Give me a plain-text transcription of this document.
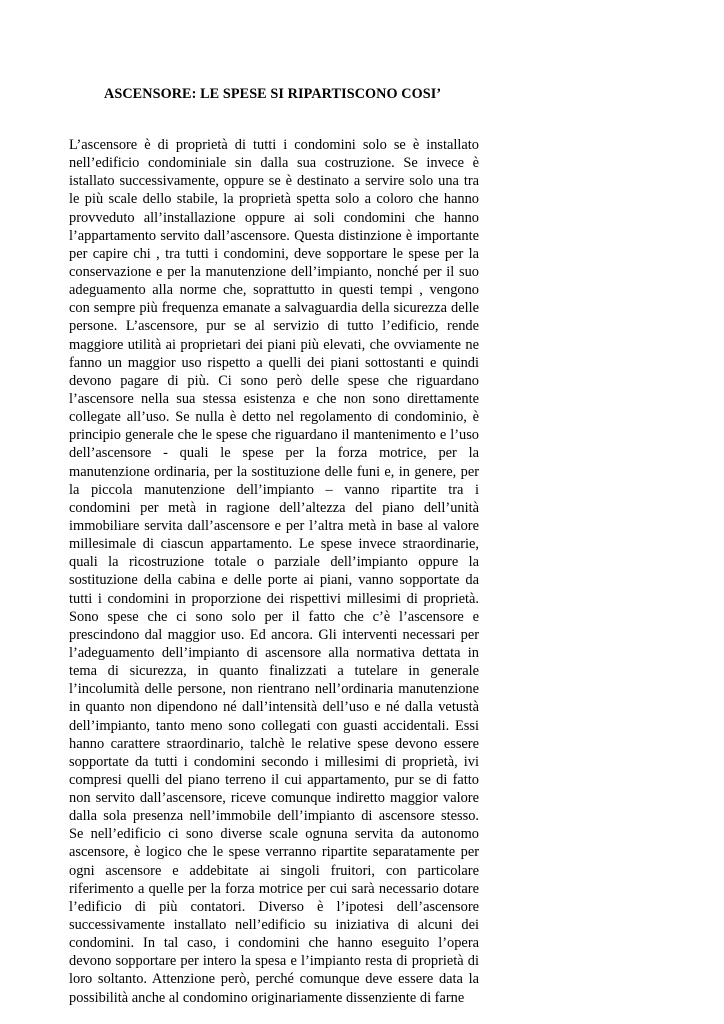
ASCENSORE: LE SPESE SI RIPARTISCONO COSI’
L’ascensore è di proprietà di tutti i condomini solo se è installato
nell’edificio condominiale sin dalla sua costruzione. Se invece è
istallato successivamente, oppure se è destinato a servire solo una tra
le più scale dello stabile, la proprietà spetta solo a coloro che hanno
provveduto all’installazione oppure ai soli condomini che hanno
l’appartamento servito dall’ascensore. Questa distinzione è importante
per capire chi , tra tutti i condomini, deve sopportare le spese per la
conservazione e per la manutenzione dell’impianto, nonché per il suo
adeguamento alla norme che, soprattutto in questi tempi , vengono
con sempre più frequenza emanate a salvaguardia della sicurezza delle
persone. L’ascensore, pur se al servizio di tutto l’edificio, rende
maggiore utilità ai proprietari dei piani più elevati, che ovviamente ne
fanno un maggior uso rispetto a quelli dei piani sottostanti e quindi
devono pagare di più. Ci sono però delle spese che riguardano
l’ascensore nella sua stessa esistenza e che non sono direttamente
collegate all’uso. Se nulla è detto nel regolamento di condominio, è
principio generale che le spese che riguardano il mantenimento e l’uso
dell’ascensore - quali le spese per la forza motrice, per la
manutenzione ordinaria, per la sostituzione delle funi e, in genere, per
la piccola manutenzione dell’impianto – vanno ripartite tra i
condomini per metà in ragione dell’altezza del piano dell’unità
immobiliare servita dall’ascensore e per l’altra metà in base al valore
millesimale di ciascun appartamento. Le spese invece straordinarie,
quali la ricostruzione totale o parziale dell’impianto oppure la
sostituzione della cabina e delle porte ai piani, vanno sopportate da
tutti i condomini in proporzione dei rispettivi millesimi di proprietà.
Sono spese che ci sono solo per il fatto che c’è l’ascensore e
prescindono dal maggior uso. Ed ancora. Gli interventi necessari per
l’adeguamento dell’impianto di ascensore alla normativa dettata in
tema di sicurezza, in quanto finalizzati a tutelare in generale
l’incolumità delle persone, non rientrano nell’ordinaria manutenzione
in quanto non dipendono né dall’intensità dell’uso e né dalla vetustà
dell’impianto, tanto meno sono collegati con guasti accidentali. Essi
hanno carattere straordinario, talchè le relative spese devono essere
sopportate da tutti i condomini secondo i millesimi di proprietà, ivi
compresi quelli del piano terreno il cui appartamento, pur se di fatto
non servito dall’ascensore, riceve comunque indiretto maggior valore
dalla sola presenza nell’immobile dell’impianto di ascensore stesso.
Se nell’edificio ci sono diverse scale ognuna servita da autonomo
ascensore, è logico che le spese verranno ripartite separatamente per
ogni ascensore e addebitate ai singoli fruitori, con particolare
riferimento a quelle per la forza motrice per cui sarà necessario dotare
l’edificio di più contatori. Diverso è l’ipotesi dell’ascensore
successivamente installato nell’edificio su iniziativa di alcuni dei
condomini. In tal caso, i condomini che hanno eseguito l’opera
devono sopportare per intero la spesa e l’impianto resta di proprietà di
loro soltanto. Attenzione però, perché comunque deve essere data la
possibilità anche al condomino originariamente dissenziente di farne
